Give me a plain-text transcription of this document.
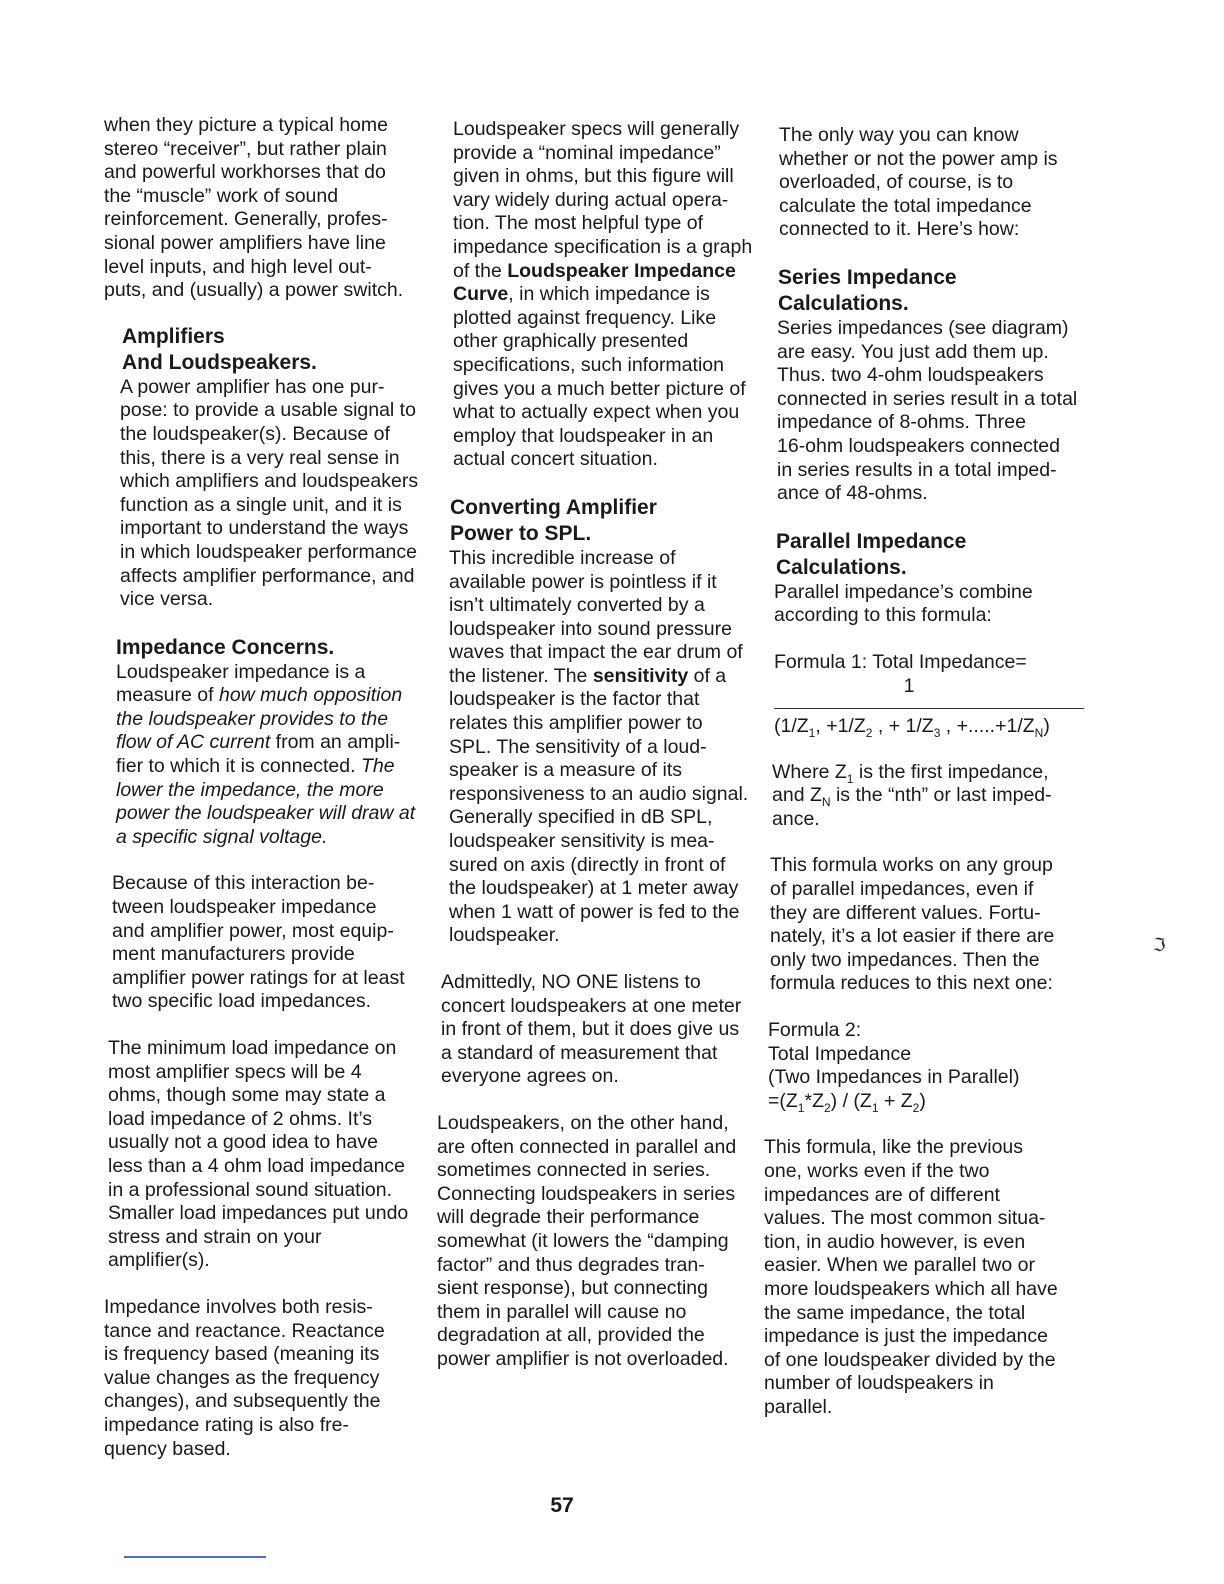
when they picture a typical home
stereo “receiver”, but rather plain
and powerful workhorses that do
the “muscle” work of sound
reinforcement. Generally, profes-
sional power amplifiers have line
level inputs, and high level out-
puts, and (usually) a power switch.

Amplifiers
And Loudspeakers.

A power amplifier has one pur-
pose: to provide a usable signal to
the loudspeaker(s). Because of
this, there is a very real sense in
which amplifiers and loudspeakers
function as a single unit, and it is
important to understand the ways
in which loudspeaker performance
affects amplifier performance, and
vice versa.

Impedance Concerns.

Loudspeaker impedance is a
measure of how much opposition
the loudspeaker provides to the
flow of AC current from an ampli-
fier to which it is connected. The
lower the impedance, the more
power the loudspeaker will draw at
a specific signal voltage.

Because of this interaction be-
tween loudspeaker impedance
and amplifier power, most equip-
ment manufacturers provide
amplifier power ratings for at least
two specific load impedances.

The minimum load impedance on
most amplifier specs will be 4
ohms, though some may state a
load impedance of 2 ohms. It’s
usually not a good idea to have
less than a 4 ohm load impedance
in a professional sound situation.
Smaller load impedances put undo
stress and strain on your
amplifier(s).

Impedance involves both resis-
tance and reactance. Reactance
is frequency based (meaning its
value changes as the frequency
changes), and subsequently the
impedance rating is also fre-
quency based.

Loudspeaker specs will generally
provide a “nominal impedance”
given in ohms, but this figure will
vary widely during actual opera-
tion. The most helpful type of
impedance specification is a graph
of the Loudspeaker Impedance
Curve, in which impedance is
plotted against frequency. Like
other graphically presented
specifications, such information
gives you a much better picture of
what to actually expect when you
employ that loudspeaker in an
actual concert situation.

Converting Amplifier
Power to SPL.

This incredible increase of
available power is pointless if it
isn’t ultimately converted by a
loudspeaker into sound pressure
waves that impact the ear drum of
the listener. The sensitivity of a
loudspeaker is the factor that
relates this amplifier power to
SPL. The sensitivity of a loud-
speaker is a measure of its
responsiveness to an audio signal.
Generally specified in dB SPL,
loudspeaker sensitivity is mea-
sured on axis (directly in front of
the loudspeaker) at 1 meter away
when 1 watt of power is fed to the
loudspeaker.

Admittedly, NO ONE listens to
concert loudspeakers at one meter
in front of them, but it does give us
a standard of measurement that
everyone agrees on.

Loudspeakers, on the other hand,
are often connected in parallel and
sometimes connected in series.
Connecting loudspeakers in series
will degrade their performance
somewhat (it lowers the “damping
factor” and thus degrades tran-
sient response), but connecting
them in parallel will cause no
degradation at all, provided the
power amplifier is not overloaded.

The only way you can know
whether or not the power amp is
overloaded, of course, is to
calculate the total impedance
connected to it. Here’s how:

Series Impedance
Calculations.

Series impedances (see diagram)
are easy. You just add them up.
Thus. two 4-ohm loudspeakers
connected in series result in a total
impedance of 8-ohms. Three
16-ohm loudspeakers connected
in series results in a total imped-
ance of 48-ohms.

Parallel Impedance
Calculations.

Parallel impedance’s combine
according to this formula:

Formula 1: Total Impedance=
1
($1/Z_1$, $+1/Z_2$ , + $1/Z_3$ , $+.....+1/Z_N$)

Where $Z_1$ is the first impedance,
and $Z_N$ is the “nth” or last imped-
ance.

This formula works on any group
of parallel impedances, even if
they are different values. Fortu-
nately, it’s a lot easier if there are
only two impedances. Then the
formula reduces to this next one:

Formula 2:
Total Impedance
(Two Impedances in Parallel)
$=(Z_1*Z_2) / (Z_1 + Z_2)$

This formula, like the previous
one, works even if the two
impedances are of different
values. The most common situa-
tion, in audio however, is even
easier. When we parallel two or
more loudspeakers which all have
the same impedance, the total
impedance is just the impedance
of one loudspeaker divided by the
number of loudspeakers in
parallel.

57
ℑ
